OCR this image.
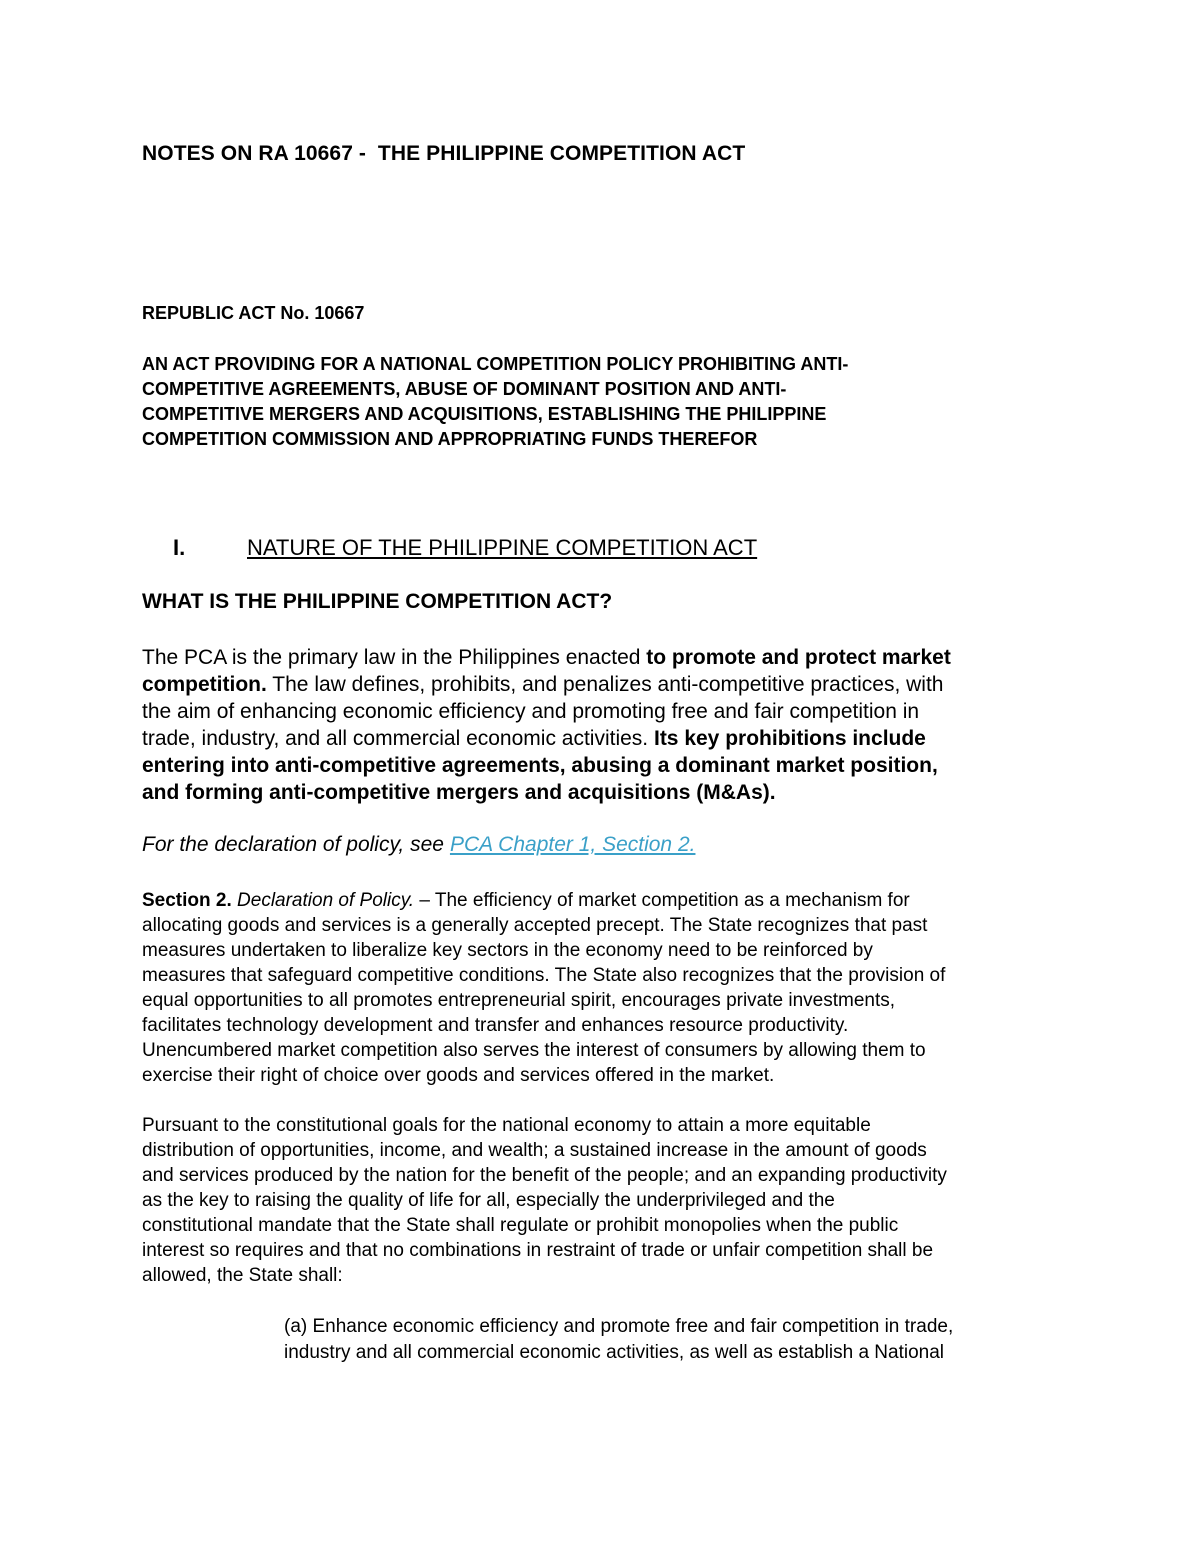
NOTES ON RA 10667 -  THE PHILIPPINE COMPETITION ACT
REPUBLIC ACT No. 10667
AN ACT PROVIDING FOR A NATIONAL COMPETITION POLICY PROHIBITING ANTI-
COMPETITIVE AGREEMENTS, ABUSE OF DOMINANT POSITION AND ANTI-
COMPETITIVE MERGERS AND ACQUISITIONS, ESTABLISHING THE PHILIPPINE
COMPETITION COMMISSION AND APPROPRIATING FUNDS THEREFOR
I.	NATURE OF THE PHILIPPINE COMPETITION ACT
WHAT IS THE PHILIPPINE COMPETITION ACT?

The PCA is the primary law in the Philippines enacted to promote and protect market
competition. The law defines, prohibits, and penalizes anti-competitive practices, with
the aim of enhancing economic efficiency and promoting free and fair competition in
trade, industry, and all commercial economic activities. Its key prohibitions include
entering into anti-competitive agreements, abusing a dominant market position,
and forming anti-competitive mergers and acquisitions (M&As).

For the declaration of policy, see PCA Chapter 1, Section 2.

Section 2. Declaration of Policy. – The efficiency of market competition as a mechanism for
allocating goods and services is a generally accepted precept. The State recognizes that past
measures undertaken to liberalize key sectors in the economy need to be reinforced by
measures that safeguard competitive conditions. The State also recognizes that the provision of
equal opportunities to all promotes entrepreneurial spirit, encourages private investments,
facilitates technology development and transfer and enhances resource productivity.
Unencumbered market competition also serves the interest of consumers by allowing them to
exercise their right of choice over goods and services offered in the market.

Pursuant to the constitutional goals for the national economy to attain a more equitable
distribution of opportunities, income, and wealth; a sustained increase in the amount of goods
and services produced by the nation for the benefit of the people; and an expanding productivity
as the key to raising the quality of life for all, especially the underprivileged and the
constitutional mandate that the State shall regulate or prohibit monopolies when the public
interest so requires and that no combinations in restraint of trade or unfair competition shall be
allowed, the State shall:

(a) Enhance economic efficiency and promote free and fair competition in trade,
industry and all commercial economic activities, as well as establish a National
